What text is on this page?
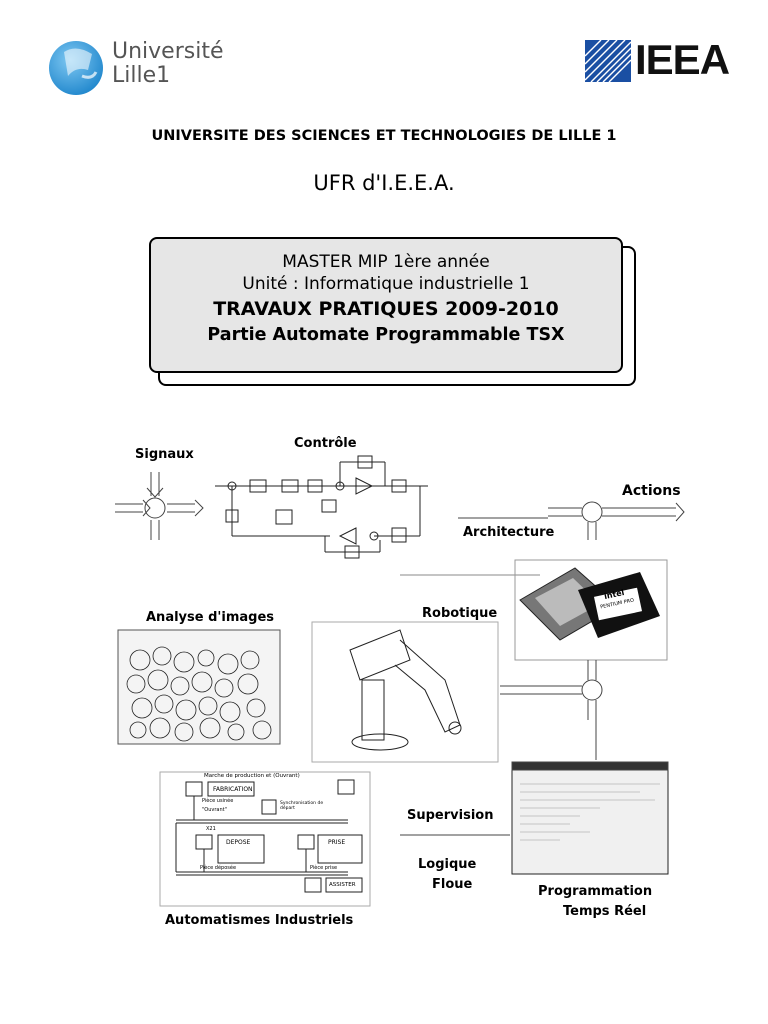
Université
Lille1	IEEA
UNIVERSITE DES SCIENCES ET TECHNOLOGIES DE LILLE 1
UFR d'I.E.E.A.
MASTER MIP 1ère année
Unité : Informatique industrielle 1
TRAVAUX PRATIQUES 2009-2010
Partie Automate Programmable TSX
intel
PENTIUM PRO
Signaux
Contrôle
Actions
Architecture
Analyse d'images	Robotique
Supervision
Logique
Floue	Programmation
Temps Réel
Automatismes Industriels
Marche de production et (Ouvrant)
FABRICATION
Pièce usinée
"Ouvrant"
Synchronisation de départ
X21
DEPOSE	PRISE
Pièce déposée	Pièce prise
ASSISTER
